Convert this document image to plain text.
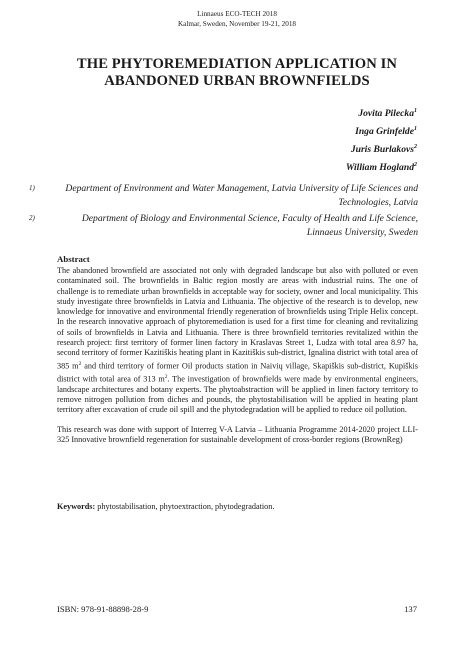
Linnaeus ECO-TECH 2018
Kalmar, Sweden, November 19-21, 2018
THE PHYTOREMEDIATION APPLICATION IN
ABANDONED URBAN BROWNFIELDS
Jovita Pilecka$^1$
Inga Grinfelde$^1$
Juris Burlakovs$^2$
William Hogland$^2$
1)	Department of Environment and Water Management, Latvia University of Life Sciences and Technologies, Latvia
2)	Department of Biology and Environmental Science, Faculty of Health and Life Science, Linnaeus University, Sweden
Abstract

The abandoned brownfield are associated not only with degraded landscape but also with polluted or even contaminated soil. The brownfields in Baltic region mostly are areas with industrial ruins. The one of challenge is to remediate urban brownfields in acceptable way for society, owner and local municipality. This study investigate three brownfields in Latvia and Lithuania. The objective of the research is to develop, new knowledge for innovative and environmental friendly regeneration of brownfields using Triple Helix concept. In the research innovative approach of phytoremediation is used for a first time for cleaning and revitalizing of soils of brownfields in Latvia and Lithuania. There is three brownfield territories revitalized within the research project: first territory of former linen factory in Kraslavas Street 1, Ludza with total area 8.97 ha, second territory of former Kazitiškis heating plant in Kazitiškis sub-district, Ignalina district with total area of 385 $m^2$ and third territory of former Oil products station in Naivių village, Skapiškis sub-district, Kupiškis district with total area of 313 $m^2$. The investigation of brownfields were made by environmental engineers, landscape architectures and botany experts. The phytoabstraction will be applied in linen factory territory to remove nitrogen pollution from diches and pounds, the phytostabilisation will be applied in heating plant territory after excavation of crude oil spill and the phytodegradation will be applied to reduce oil pollution.

This research was done with support of Interreg V-A Latvia – Lithuania Programme 2014-2020 project LLI-325 Innovative brownfield regeneration for sustainable development of cross-border regions (BrownReg)

Keywords: phytostabilisation, phytoextraction, phytodegradation.
ISBN: 978-91-88898-28-9	137
